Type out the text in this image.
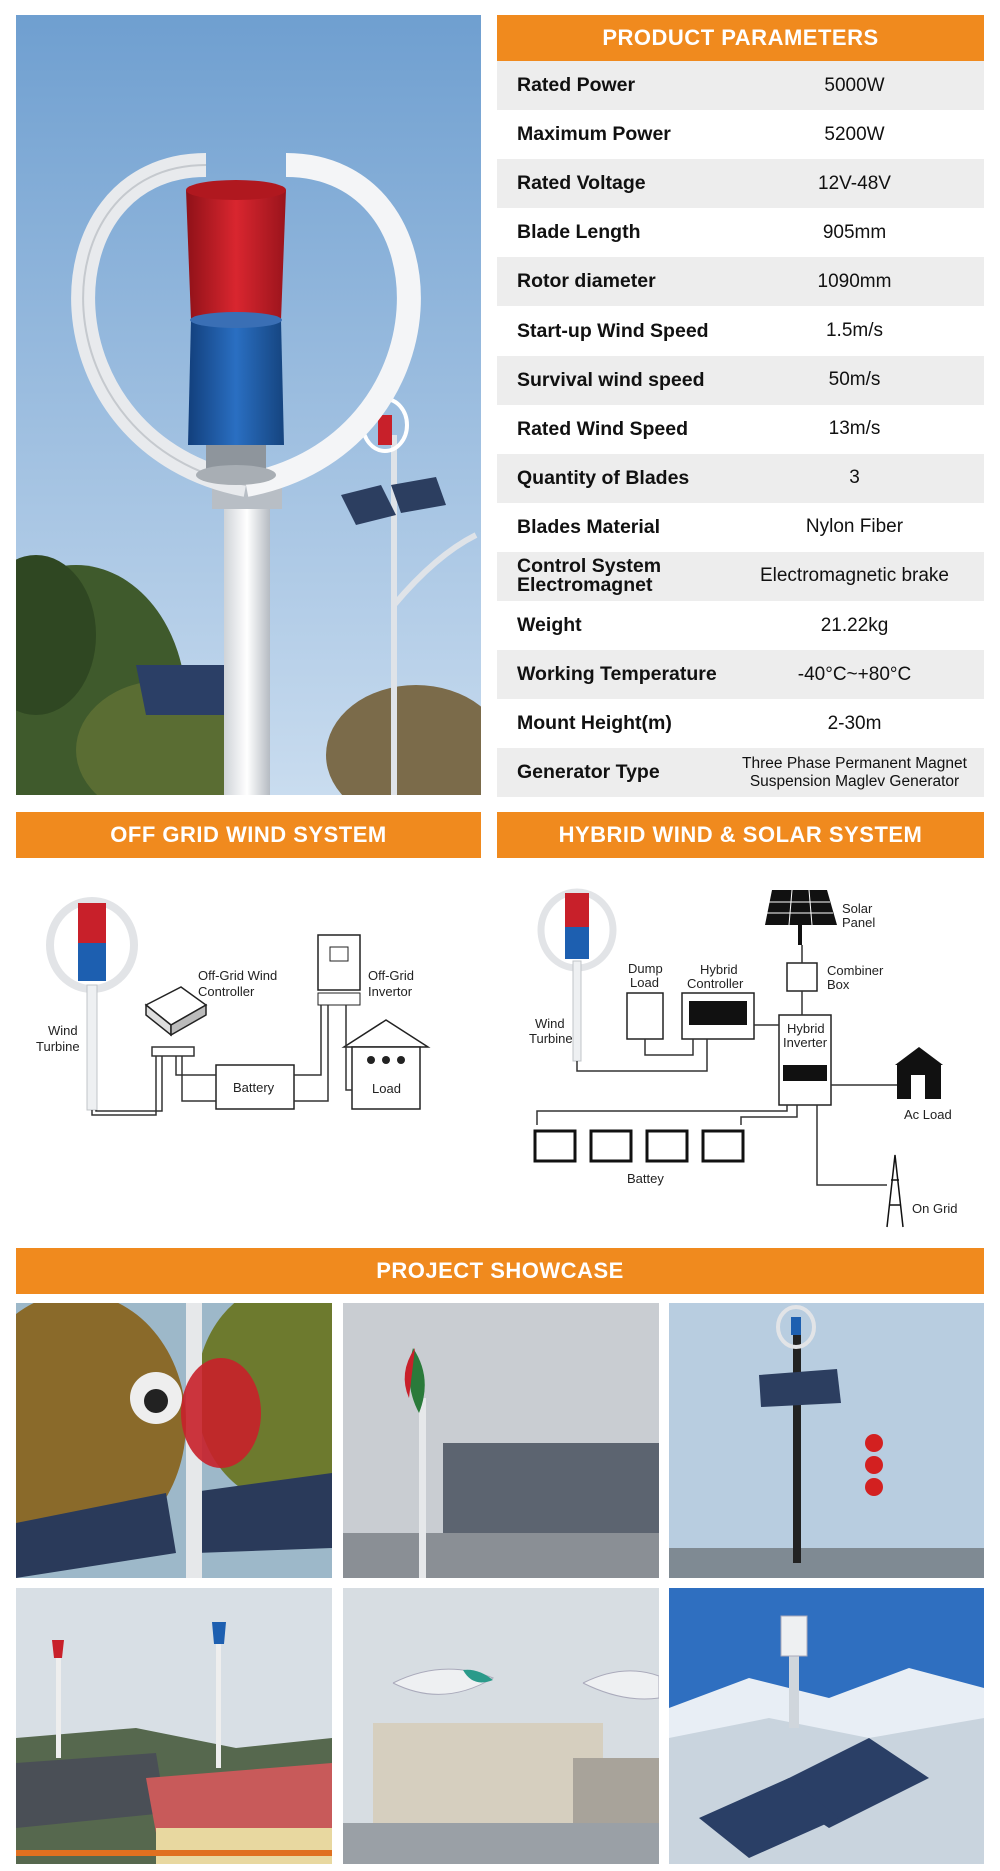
PRODUCT PARAMETERS
Rated Power	5000W
Maximum Power	5200W
Rated Voltage	12V-48V
Blade Length	905mm
Rotor diameter	1090mm
Start-up Wind Speed	1.5m/s
Survival wind speed	50m/s
Rated Wind Speed	13m/s
Quantity of Blades	3
Blades Material	Nylon Fiber
Control System Electromagnet	Electromagnetic brake
Weight	21.22kg
Working Temperature	-40°C~+80°C
Mount Height(m)	2-30m
Generator Type	Three Phase Permanent Magnet Suspension Maglev Generator
OFF GRID WIND SYSTEM
Wind
Turbine
Off-Grid Wind
Controller
Off-Grid
Invertor
Battery	Load
HYBRID WIND & SOLAR SYSTEM
Wind
Turbine
Solar
Panel
Combiner
Box
Dump
Load
Hybrid
Controller
Hybrid
Inverter
Ac Load
Battey
On Grid
PROJECT SHOWCASE
